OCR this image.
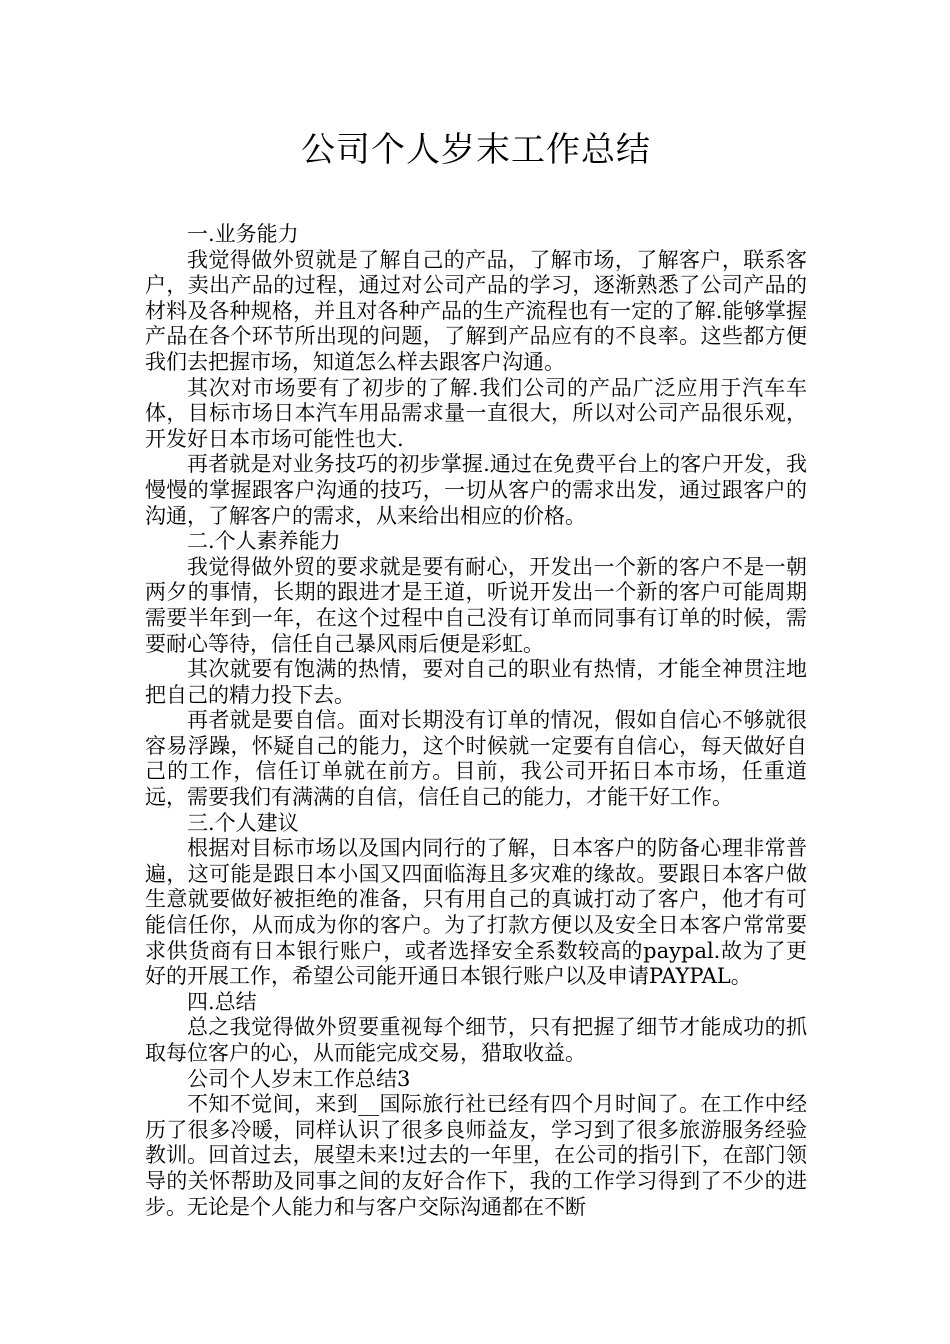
公司个人岁末工作总结

一.业务能力

我觉得做外贸就是了解自己的产品，了解市场，了解客户，联系客户，卖出产品的过程，通过对公司产品的学习，逐渐熟悉了公司产品的材料及各种规格，并且对各种产品的生产流程也有一定的了解.能够掌握产品在各个环节所出现的问题，了解到产品应有的不良率。这些都方便我们去把握市场，知道怎么样去跟客户沟通。

其次对市场要有了初步的了解.我们公司的产品广泛应用于汽车车体，目标市场日本汽车用品需求量一直很大，所以对公司产品很乐观，开发好日本市场可能性也大.

再者就是对业务技巧的初步掌握.通过在免费平台上的客户开发，我慢慢的掌握跟客户沟通的技巧，一切从客户的需求出发，通过跟客户的沟通，了解客户的需求，从来给出相应的价格。

二.个人素养能力

我觉得做外贸的要求就是要有耐心，开发出一个新的客户不是一朝两夕的事情，长期的跟进才是王道，听说开发出一个新的客户可能周期需要半年到一年，在这个过程中自己没有订单而同事有订单的时候，需要耐心等待，信任自己暴风雨后便是彩虹。

其次就要有饱满的热情，要对自己的职业有热情，才能全神贯注地把自己的精力投下去。

再者就是要自信。面对长期没有订单的情况，假如自信心不够就很容易浮躁，怀疑自己的能力，这个时候就一定要有自信心，每天做好自己的工作，信任订单就在前方。目前，我公司开拓日本市场，任重道远，需要我们有满满的自信，信任自己的能力，才能干好工作。

三.个人建议

根据对目标市场以及国内同行的了解，日本客户的防备心理非常普遍，这可能是跟日本小国又四面临海且多灾难的缘故。要跟日本客户做生意就要做好被拒绝的准备，只有用自己的真诚打动了客户，他才有可能信任你，从而成为你的客户。为了打款方便以及安全日本客户常常要求供货商有日本银行账户，或者选择安全系数较高的paypal.故为了更好的开展工作，希望公司能开通日本银行账户以及申请PAYPAL。

四.总结

总之我觉得做外贸要重视每个细节，只有把握了细节才能成功的抓取每位客户的心，从而能完成交易，猎取收益。

公司个人岁末工作总结3

不知不觉间，来到__国际旅行社已经有四个月时间了。在工作中经历了很多冷暖，同样认识了很多良师益友，学习到了很多旅游服务经验教训。回首过去，展望未来!过去的一年里，在公司的指引下，在部门领导的关怀帮助及同事之间的友好合作下，我的工作学习得到了不少的进步。无论是个人能力和与客户交际沟通都在不断
